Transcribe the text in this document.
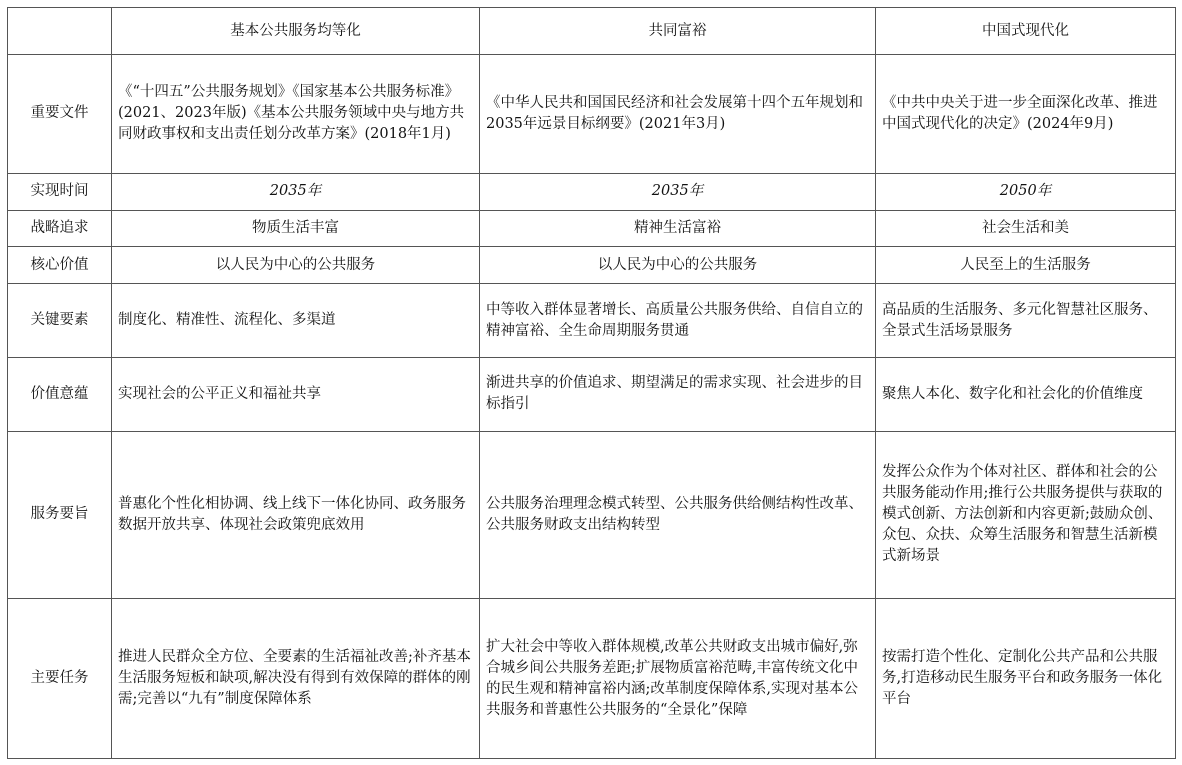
	基本公共服务均等化	共同富裕	中国式现代化
重要文件	《“十四五”公共服务规划》《国家基本公共服务标准》(2021、2023年版)《基本公共服务领域中央与地方共同财政事权和支出责任划分改革方案》(2018年1月)	《中华人民共和国国民经济和社会发展第十四个五年规划和2035年远景目标纲要》(2021年3月)	《中共中央关于进一步全面深化改革、推进中国式现代化的决定》(2024年9月)
实现时间	2035年	2035年	2050年
战略追求	物质生活丰富	精神生活富裕	社会生活和美
核心价值	以人民为中心的公共服务	以人民为中心的公共服务	人民至上的生活服务
关键要素	制度化、精准性、流程化、多渠道	中等收入群体显著增长、高质量公共服务供给、自信自立的精神富裕、全生命周期服务贯通	高品质的生活服务、多元化智慧社区服务、全景式生活场景服务
价值意蕴	实现社会的公平正义和福祉共享	渐进共享的价值追求、期望满足的需求实现、社会进步的目标指引	聚焦人本化、数字化和社会化的价值维度
服务要旨	普惠化个性化相协调、线上线下一体化协同、政务服务数据开放共享、体现社会政策兜底效用	公共服务治理理念模式转型、公共服务供给侧结构性改革、公共服务财政支出结构转型	发挥公众作为个体对社区、群体和社会的公共服务能动作用;推行公共服务提供与获取的模式创新、方法创新和内容更新;鼓励众创、众包、众扶、众筹生活服务和智慧生活新模式新场景
主要任务	推进人民群众全方位、全要素的生活福祉改善;补齐基本生活服务短板和缺项,解决没有得到有效保障的群体的刚需;完善以“九有”制度保障体系	扩大社会中等收入群体规模,改革公共财政支出城市偏好,弥合城乡间公共服务差距;扩展物质富裕范畴,丰富传统文化中的民生观和精神富裕内涵;改革制度保障体系,实现对基本公共服务和普惠性公共服务的“全景化”保障	按需打造个性化、定制化公共产品和公共服务,打造移动民生服务平台和政务服务一体化平台
